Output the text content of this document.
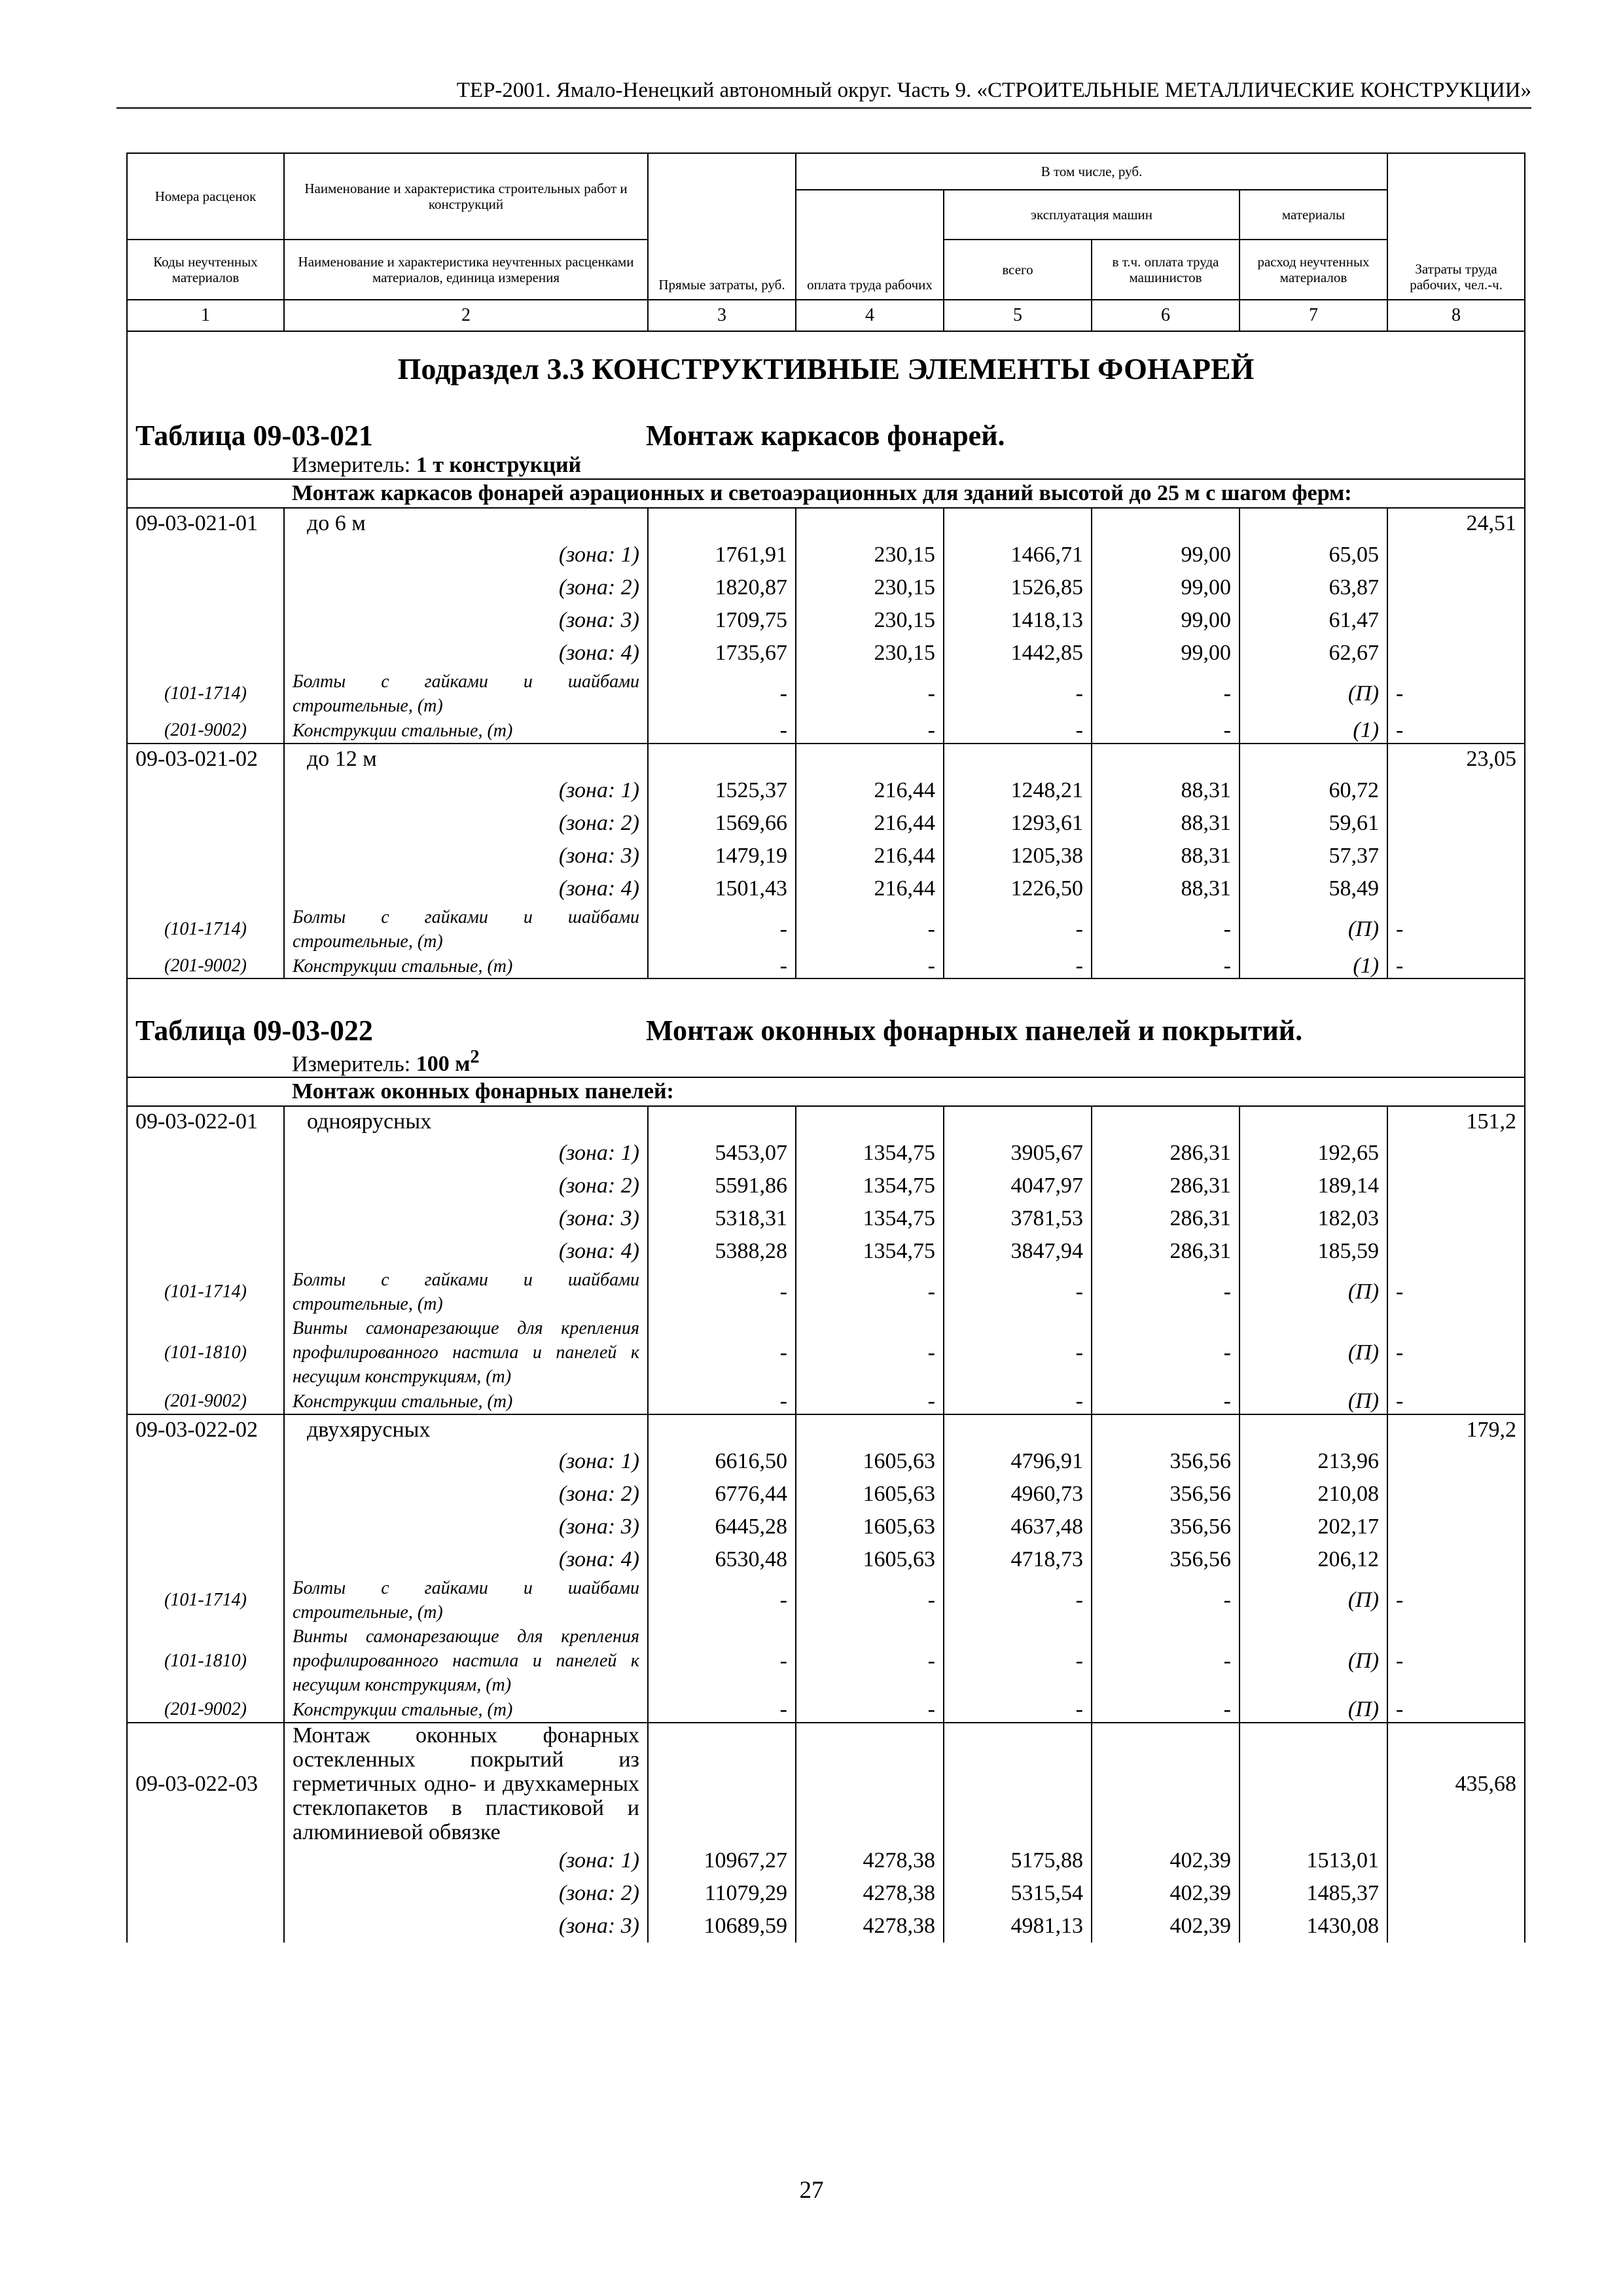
ТЕР-2001. Ямало-Ненецкий автономный округ. Часть 9. «СТРОИТЕЛЬНЫЕ МЕТАЛЛИЧЕСКИЕ КОНСТРУКЦИИ»
Номера расценок	Наименование и характеристика строительных работ и конструкций	Прямые затраты, руб.	В том числе, руб.				Затраты труда рабочих, чел.-ч.
			оплата труда рабочих	эксплуатация машин		материалы	
Коды неучтенных материалов	Наименование и характеристика неучтенных расценками материалов, единица измерения			всего	в т.ч. оплата труда машинистов	расход неучтенных материалов	
1	2	3	4	5	6	7	8
Подраздел 3.3 КОНСТРУКТИВНЫЕ ЭЛЕМЕНТЫ ФОНАРЕЙ							
Таблица 09-03-021 Монтаж каркасов фонарей.							
	Измеритель: 1 т конструкций						
	Монтаж каркасов фонарей аэрационных и светоаэрационных для зданий высотой до 25 м с шагом ферм:						
09-03-021-01	до 6 м						24,51
	(зона: 1)	1761,91	230,15	1466,71	99,00	65,05	
	(зона: 2)	1820,87	230,15	1526,85	99,00	63,87	
	(зона: 3)	1709,75	230,15	1418,13	99,00	61,47	
	(зона: 4)	1735,67	230,15	1442,85	99,00	62,67	
(101-1714)	Болты с гайками и шайбами строительные, (т)	-	-	-	-	(П)	-
(201-9002)	Конструкции стальные, (т)	-	-	-	-	(1)	-
09-03-021-02	до 12 м						23,05
	(зона: 1)	1525,37	216,44	1248,21	88,31	60,72	
	(зона: 2)	1569,66	216,44	1293,61	88,31	59,61	
	(зона: 3)	1479,19	216,44	1205,38	88,31	57,37	
	(зона: 4)	1501,43	216,44	1226,50	88,31	58,49	
(101-1714)	Болты с гайками и шайбами строительные, (т)	-	-	-	-	(П)	-
(201-9002)	Конструкции стальные, (т)	-	-	-	-	(1)	-

Таблица 09-03-022 Монтаж оконных фонарных панелей и покрытий.							
	Измеритель: 100 $м^2$
	Монтаж оконных фонарных панелей:						
09-03-022-01	одноярусных						151,2
	(зона: 1)	5453,07	1354,75	3905,67	286,31	192,65	
	(зона: 2)	5591,86	1354,75	4047,97	286,31	189,14	
	(зона: 3)	5318,31	1354,75	3781,53	286,31	182,03	
	(зона: 4)	5388,28	1354,75	3847,94	286,31	185,59	
(101-1714)	Болты с гайками и шайбами строительные, (т)	-	-	-	-	(П)	-
(101-1810)	Винты самонарезающие для крепления профилированного настила и панелей к несущим конструкциям, (т)	-	-	-	-	(П)	-
(201-9002)	Конструкции стальные, (т)	-	-	-	-	(П)	-
09-03-022-02	двухярусных						179,2
	(зона: 1)	6616,50	1605,63	4796,91	356,56	213,96	
	(зона: 2)	6776,44	1605,63	4960,73	356,56	210,08	
	(зона: 3)	6445,28	1605,63	4637,48	356,56	202,17	
	(зона: 4)	6530,48	1605,63	4718,73	356,56	206,12	
(101-1714)	Болты с гайками и шайбами строительные, (т)	-	-	-	-	(П)	-
(101-1810)	Винты самонарезающие для крепления профилированного настила и панелей к несущим конструкциям, (т)	-	-	-	-	(П)	-
(201-9002)	Конструкции стальные, (т)	-	-	-	-	(П)	-
09-03-022-03	Монтаж оконных фонарных остекленных покрытий из герметичных одно- и двухкамерных стеклопакетов в пластиковой и алюминиевой обвязке						435,68
	(зона: 1)	10967,27	4278,38	5175,88	402,39	1513,01	
	(зона: 2)	11079,29	4278,38	5315,54	402,39	1485,37	
	(зона: 3)	10689,59	4278,38	4981,13	402,39	1430,08	

27
